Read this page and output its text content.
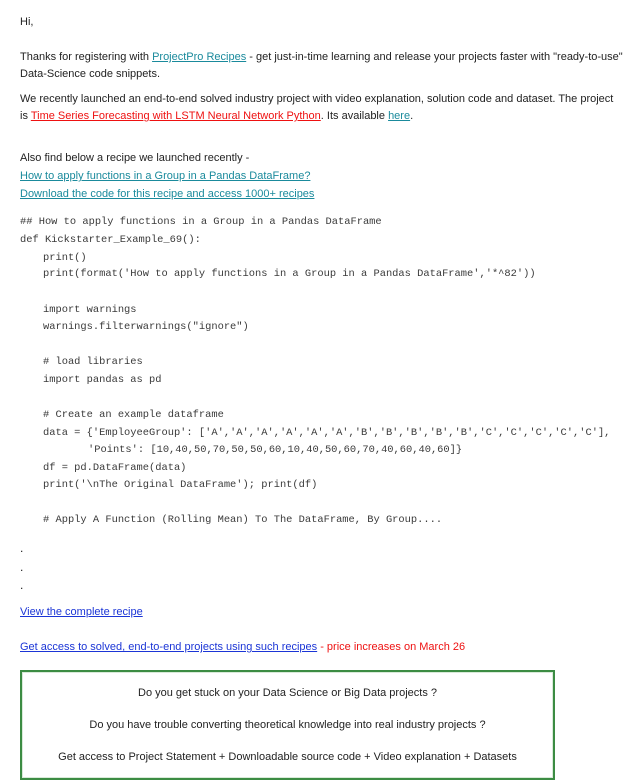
Hi,

Thanks for registering with ProjectPro Recipes - get just-in-time learning and release your projects faster with "ready-to-use"

Data-Science code snippets.

We recently launched an end-to-end solved industry project with video explanation, solution code and dataset. The project

is Time Series Forecasting with LSTM Neural Network Python. Its available here.

Also find below a recipe we launched recently -

How to apply functions in a Group in a Pandas DataFrame?

Download the code for this recipe and access 1000+ recipes

## How to apply functions in a Group in a Pandas DataFrame

def Kickstarter_Example_69():

print()

print(format('How to apply functions in a Group in a Pandas DataFrame','*^82'))

import warnings

warnings.filterwarnings("ignore")

# load libraries

import pandas as pd

# Create an example dataframe

data = {'EmployeeGroup': ['A','A','A','A','A','A','B','B','B','B','B','C','C','C','C','C'],

'Points': [10,40,50,70,50,50,60,10,40,50,60,70,40,60,40,60]}

df = pd.DataFrame(data)

print('\nThe Original DataFrame'); print(df)

# Apply A Function (Rolling Mean) To The DataFrame, By Group....

.

.

.

View the complete recipe

Get access to solved, end-to-end projects using such recipes - price increases on March 26

Do you get stuck on your Data Science or Big Data projects ?

Do you have trouble converting theoretical knowledge into real industry projects ?

Get access to Project Statement + Downloadable source code + Video explanation + Datasets
